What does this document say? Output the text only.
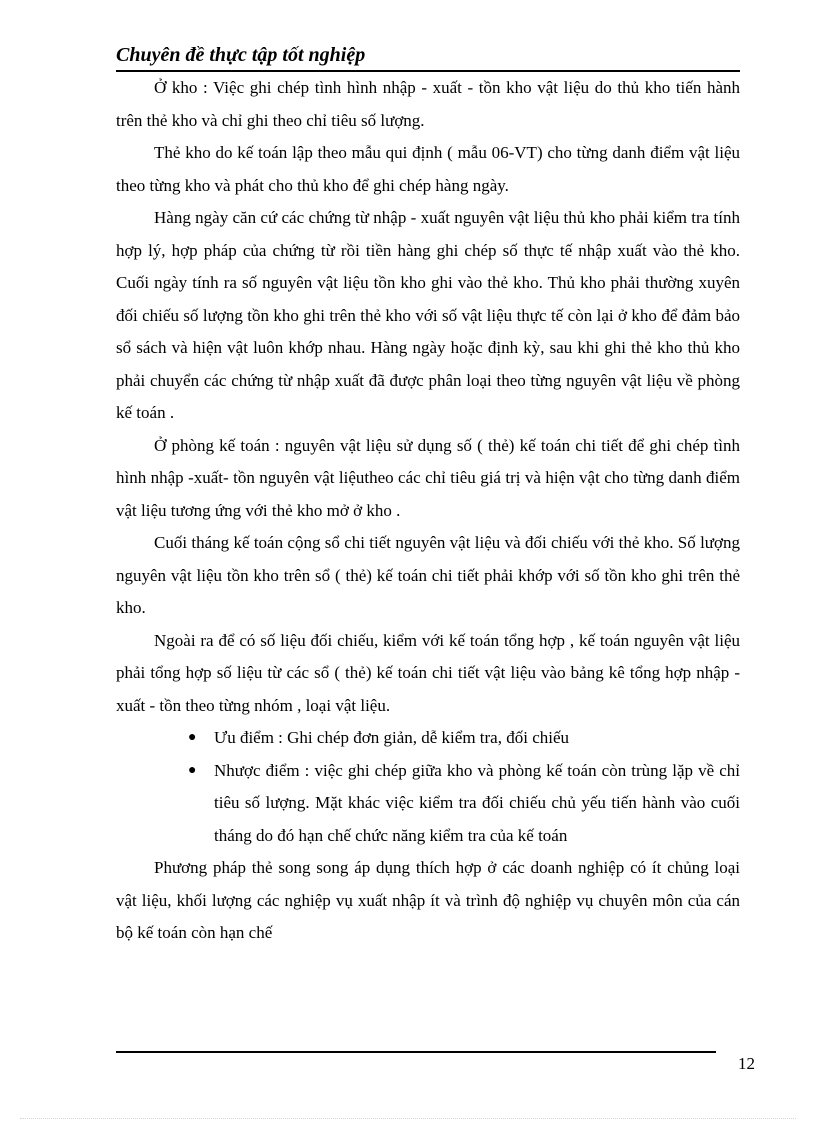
Chuyên đề thực tập tốt nghiệp

Ở kho : Việc ghi chép tình hình nhập - xuất - tồn kho vật liệu do thủ kho tiến hành trên thẻ kho và chỉ ghi theo chỉ tiêu số lượng.

Thẻ kho do kế toán lập theo mẫu qui định ( mẫu 06-VT) cho từng danh điểm vật liệu theo từng kho và phát cho thủ kho để ghi chép hàng ngày.

Hàng ngày căn cứ các chứng từ nhập - xuất nguyên vật liệu thủ kho phải kiểm tra tính hợp lý, hợp pháp của chứng từ rồi tiền hàng ghi chép số thực tế nhập xuất vào thẻ kho. Cuối ngày tính ra số nguyên vật liệu tồn kho ghi vào thẻ kho. Thủ kho phải thường xuyên đối chiếu số lượng tồn kho ghi trên thẻ kho với số vật liệu thực tế còn lại ở kho để đảm bảo sổ sách và hiện vật luôn khớp nhau. Hàng ngày hoặc định kỳ, sau khi ghi thẻ kho thủ kho phải chuyển các chứng từ nhập xuất đã được phân loại theo từng nguyên vật liệu về phòng kế toán .

Ở phòng kế toán : nguyên vật liệu sử dụng số ( thẻ) kế toán chi tiết để ghi chép tình hình nhập -xuất- tồn nguyên vật liệutheo các chỉ tiêu giá trị và hiện vật cho từng danh điểm vật liệu tương ứng với thẻ kho mở ở kho .

Cuối tháng kế toán cộng sổ chi tiết nguyên vật liệu và đối chiếu với thẻ kho. Số lượng nguyên vật liệu tồn kho trên sổ ( thẻ) kế toán chi tiết phải khớp với số tồn kho ghi trên thẻ kho.

Ngoài ra để có số liệu đối chiếu, kiểm với kế toán tổng hợp , kế toán nguyên vật liệu phải tổng hợp số liệu từ các sổ ( thẻ) kế toán chi tiết vật liệu vào bảng kê tổng hợp nhập - xuất - tồn theo từng nhóm , loại vật liệu.

● Ưu điểm : Ghi chép đơn giản, dễ kiểm tra, đối chiếu
● Nhược điểm : việc ghi chép giữa kho và phòng kế toán còn trùng lặp về chỉ tiêu số lượng. Mặt khác việc kiểm tra đối chiếu chủ yếu tiến hành vào cuối tháng do đó hạn chế chức năng kiểm tra của kế toán

Phương pháp thẻ song song áp dụng thích hợp ở các doanh nghiệp có ít chủng loại vật liệu, khối lượng các nghiệp vụ xuất nhập ít và trình độ nghiệp vụ chuyên môn của cán bộ kế toán còn hạn chế

12
